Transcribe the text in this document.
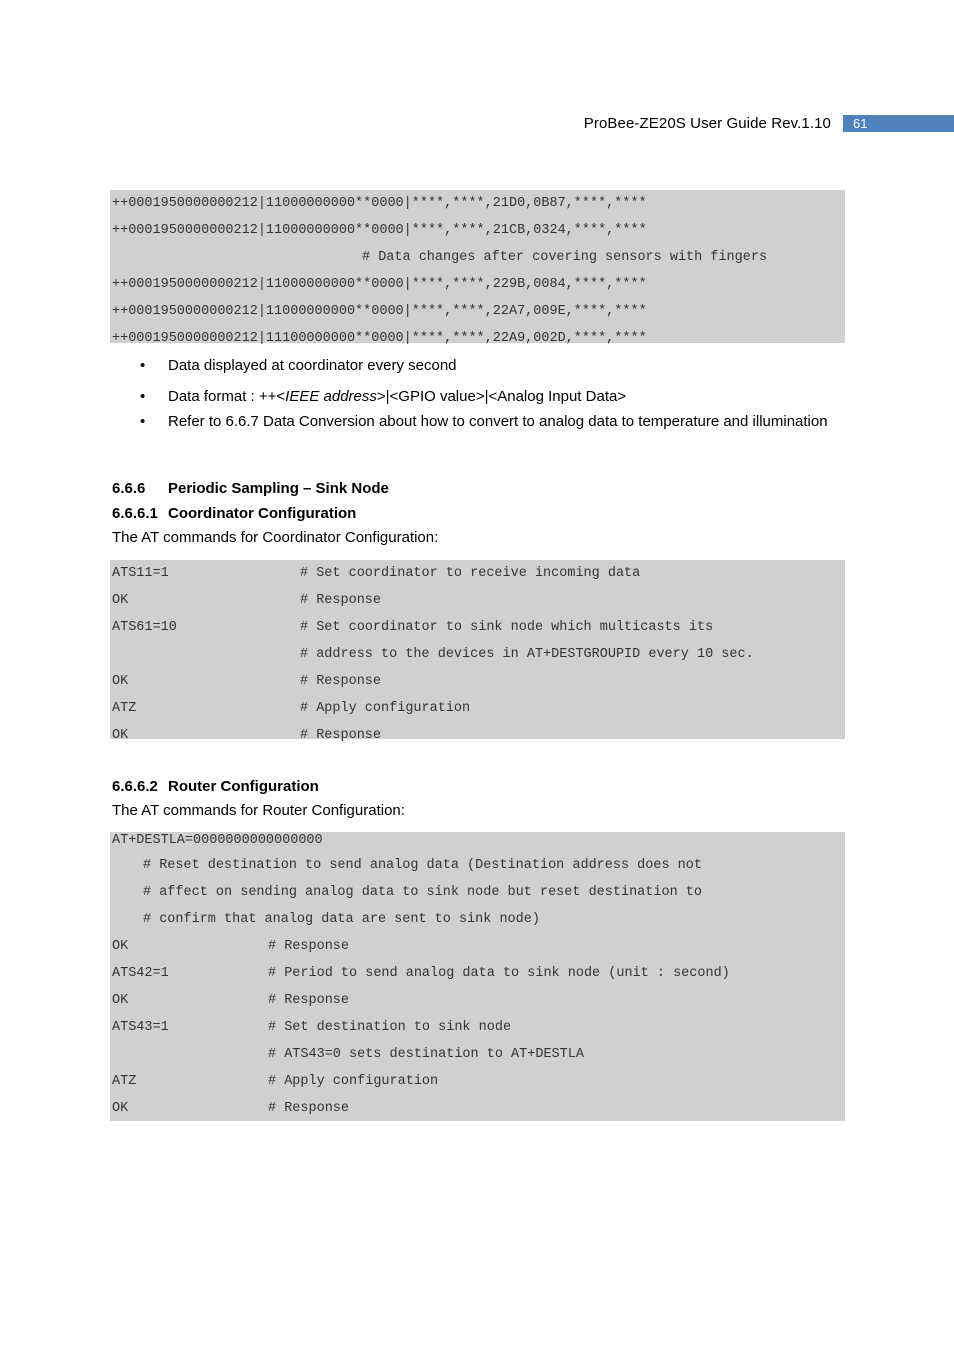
ProBee-ZE20S User Guide Rev.1.10	61
++0001950000000212|11000000000**0000|****,****,21D0,0B87,****,****
++0001950000000212|11000000000**0000|****,****,21CB,0324,****,****
# Data changes after covering sensors with fingers
++0001950000000212|11000000000**0000|****,****,229B,0084,****,****
++0001950000000212|11000000000**0000|****,****,22A7,009E,****,****
++0001950000000212|11100000000**0000|****,****,22A9,002D,****,****
• Data displayed at coordinator every second
• Data format : ++<IEEE address>|<GPIO value>|<Analog Input Data>
• Refer to 6.6.7 Data Conversion about how to convert to analog data to temperature and illumination
6.6.6 Periodic Sampling – Sink Node
6.6.6.1 Coordinator Configuration
The AT commands for Coordinator Configuration:
ATS11=1	# Set coordinator to receive incoming data
OK	# Response
ATS61=10	# Set coordinator to sink node which multicasts its
# address to the devices in AT+DESTGROUPID every 10 sec.
OK	# Response
ATZ	# Apply configuration
OK	# Response
6.6.6.2 Router Configuration
The AT commands for Router Configuration:
AT+DESTLA=0000000000000000
# Reset destination to send analog data (Destination address does not
# affect on sending analog data to sink node but reset destination to
# confirm that analog data are sent to sink node)
OK	# Response
ATS42=1	# Period to send analog data to sink node (unit : second)
OK	# Response
ATS43=1	# Set destination to sink node
# ATS43=0 sets destination to AT+DESTLA
ATZ	# Apply configuration
OK	# Response
